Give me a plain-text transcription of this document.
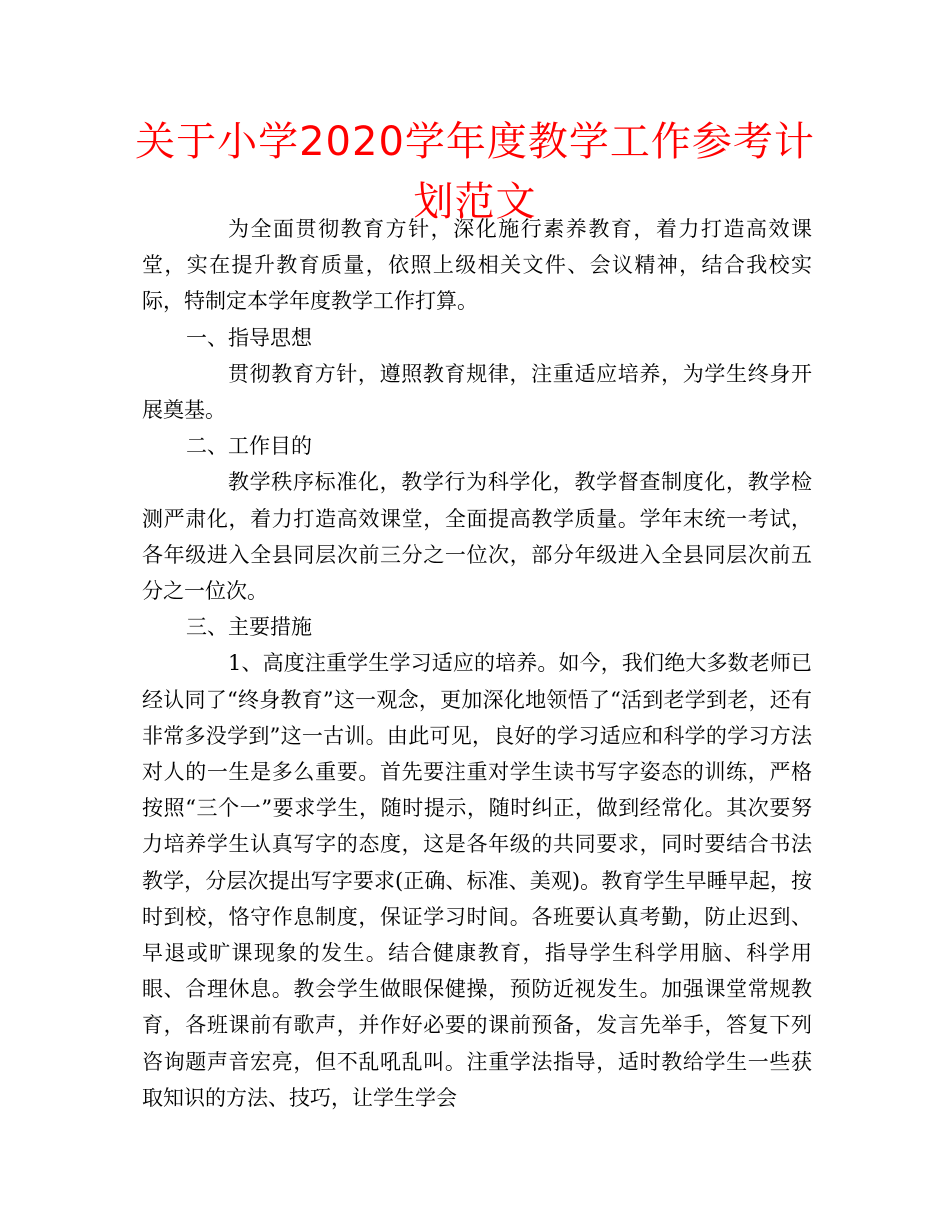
关于小学2020学年度教学工作参考计划范文

为全面贯彻教育方针，深化施行素养教育，着力打造高效课堂，实在提升教育质量，依照上级相关文件、会议精神，结合我校实际，特制定本学年度教学工作打算。

一、指导思想

贯彻教育方针，遵照教育规律，注重适应培养，为学生终身开展奠基。

二、工作目的

教学秩序标准化，教学行为科学化，教学督查制度化，教学检测严肃化，着力打造高效课堂，全面提高教学质量。学年末统一考试，各年级进入全县同层次前三分之一位次，部分年级进入全县同层次前五分之一位次。

三、主要措施

1、高度注重学生学习适应的培养。如今，我们绝大多数老师已经认同了“终身教育”这一观念，更加深化地领悟了“活到老学到老，还有非常多没学到”这一古训。由此可见，良好的学习适应和科学的学习方法对人的一生是多么重要。首先要注重对学生读书写字姿态的训练，严格按照“三个一”要求学生，随时提示，随时纠正，做到经常化。其次要努力培养学生认真写字的态度，这是各年级的共同要求，同时要结合书法教学，分层次提出写字要求(正确、标准、美观)。教育学生早睡早起，按时到校，恪守作息制度，保证学习时间。各班要认真考勤，防止迟到、早退或旷课现象的发生。结合健康教育，指导学生科学用脑、科学用眼、合理休息。教会学生做眼保健操，预防近视发生。加强课堂常规教育，各班课前有歌声，并作好必要的课前预备，发言先举手，答复下列咨询题声音宏亮，但不乱吼乱叫。注重学法指导，适时教给学生一些获取知识的方法、技巧，让学生学会
